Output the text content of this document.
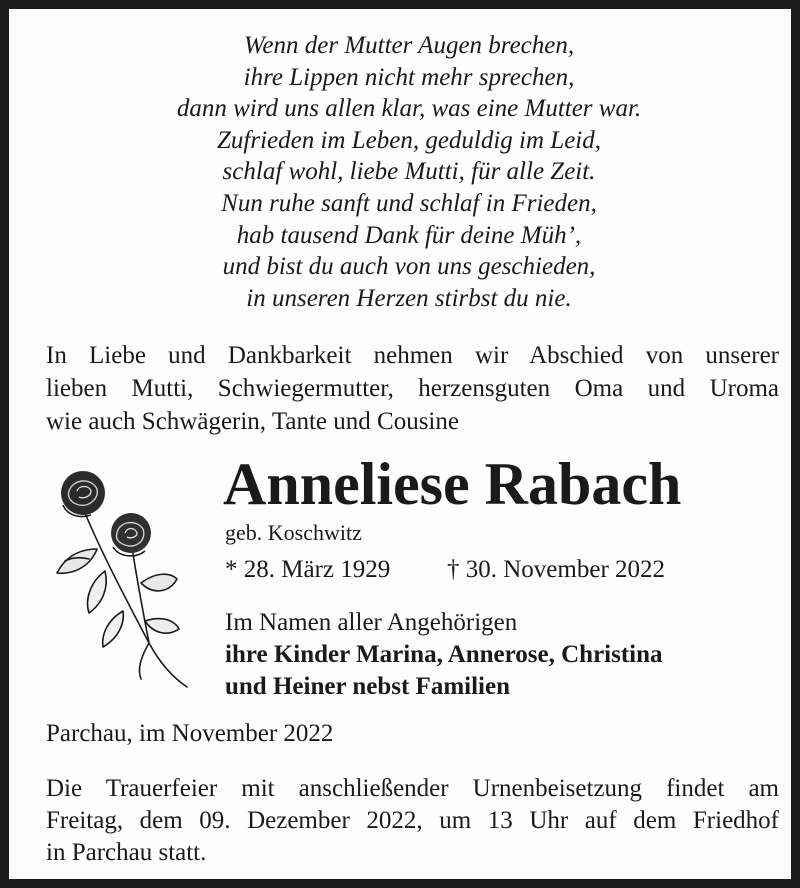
Wenn der Mutter Augen brechen,
ihre Lippen nicht mehr sprechen,
dann wird uns allen klar, was eine Mutter war.
Zufrieden im Leben, geduldig im Leid,
schlaf wohl, liebe Mutti, für alle Zeit.
Nun ruhe sanft und schlaf in Frieden,
hab tausend Dank für deine Müh’,
und bist du auch von uns geschieden,
in unseren Herzen stirbst du nie.
In Liebe und Dankbarkeit nehmen wir Abschied von unserer
lieben Mutti, Schwiegermutter, herzensguten Oma und Uroma
wie auch Schwägerin, Tante und Cousine
Anneliese Rabach
geb. Koschwitz
* 28. März 1929 † 30. November 2022
Im Namen aller Angehörigen
ihre Kinder Marina, Annerose, Christina
und Heiner nebst Familien
Parchau, im November 2022
Die Trauerfeier mit anschließender Urnenbeisetzung findet am
Freitag, dem 09. Dezember 2022, um 13 Uhr auf dem Friedhof
in Parchau statt.
